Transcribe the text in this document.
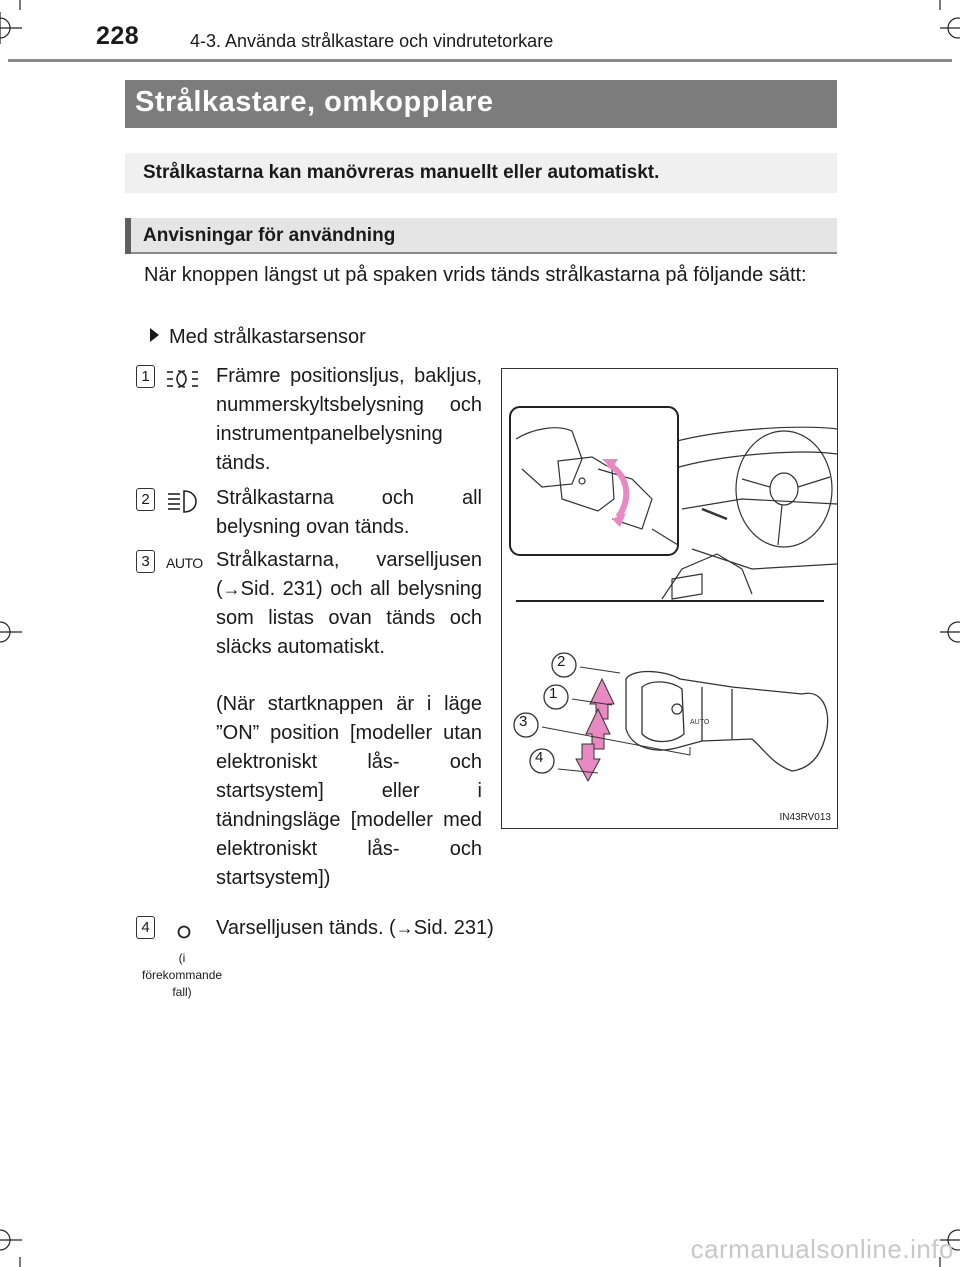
228	4-3. Använda strålkastare och vindrutetorkare
Strålkastare, omkopplare
Strålkastarna kan manövreras manuellt eller automatiskt.
Anvisningar för användning
När knoppen längst ut på spaken vrids tänds strålkastarna på följande sätt:
Med strålkastarsensor
1	Främre positionsljus, bakljus, nummerskyltsbelysning och instrumentpanelbelysning tänds.
2	Strålkastarna och all belysning ovan tänds.
3	AUTO Strålkastarna, varselljusen (→Sid. 231) och all belysning som listas ovan tänds och släcks automatiskt.
(När startknappen är i läge ”ON” position [modeller utan elektroniskt lås- och startsystem] eller i tändningsläge [modeller med elektroniskt lås- och startsystem])
4
(i förekommande fall)
Varselljusen tänds. (→Sid. 231)
AUTO
2
1
3
4
IN43RV013
carmanualsonline.info
